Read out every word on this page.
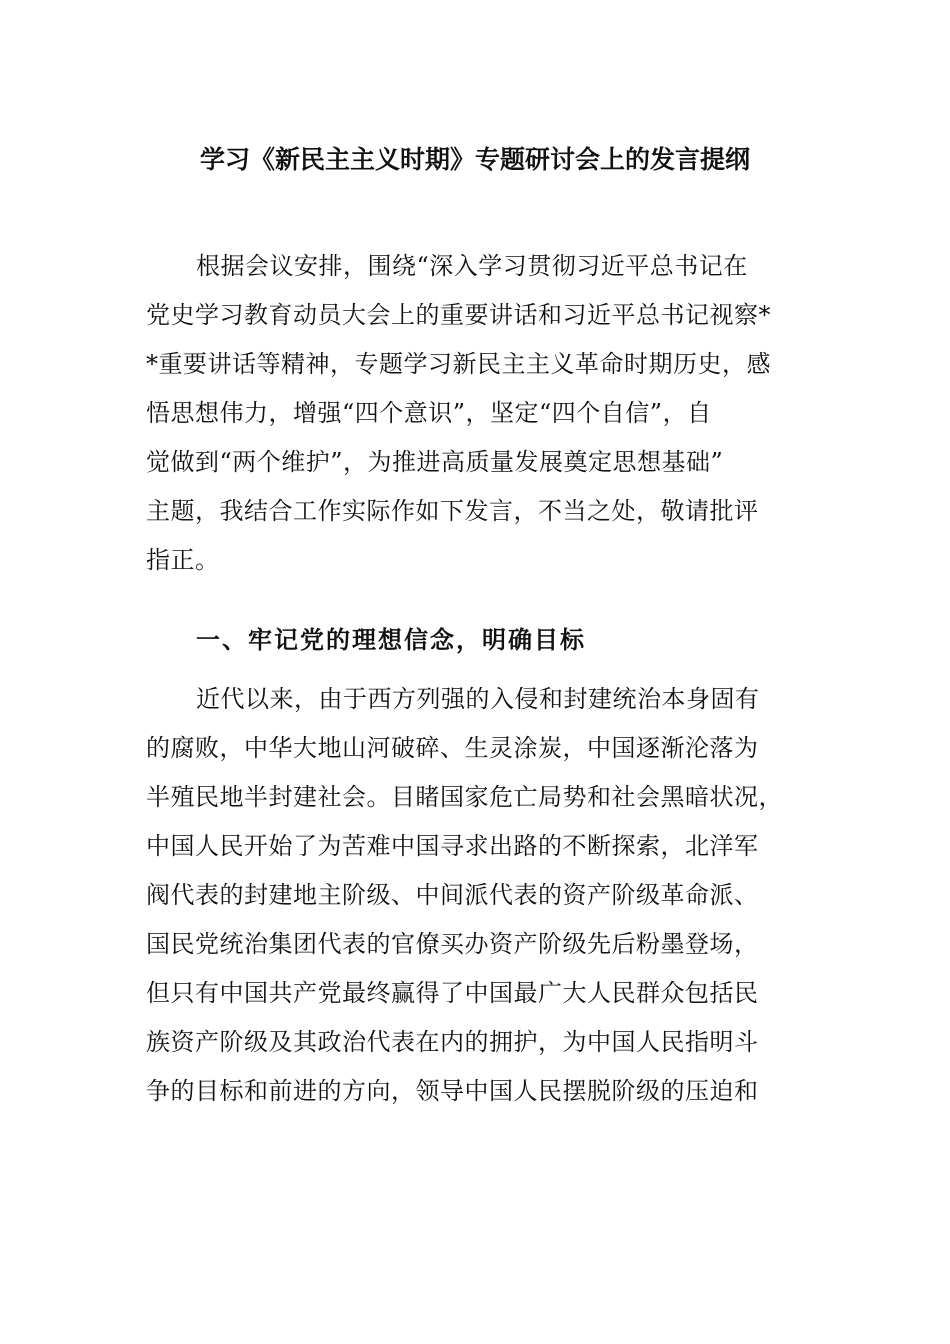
学习《新民主主义时期》专题研讨会上的发言提纲
根据会议安排，围绕“深入学习贯彻习近平总书记在
党史学习教育动员大会上的重要讲话和习近平总书记视察*
*重要讲话等精神，专题学习新民主主义革命时期历史，感
悟思想伟力，增强“四个意识”，坚定“四个自信”，自
觉做到“两个维护”，为推进高质量发展奠定思想基础”
主题，我结合工作实际作如下发言，不当之处，敬请批评
指正。
一、牢记党的理想信念，明确目标
近代以来，由于西方列强的入侵和封建统治本身固有
的腐败，中华大地山河破碎、生灵涂炭，中国逐渐沦落为
半殖民地半封建社会。目睹国家危亡局势和社会黑暗状况，
中国人民开始了为苦难中国寻求出路的不断探索，北洋军
阀代表的封建地主阶级、中间派代表的资产阶级革命派、
国民党统治集团代表的官僚买办资产阶级先后粉墨登场，
但只有中国共产党最终赢得了中国最广大人民群众包括民
族资产阶级及其政治代表在内的拥护，为中国人民指明斗
争的目标和前进的方向，领导中国人民摆脱阶级的压迫和
